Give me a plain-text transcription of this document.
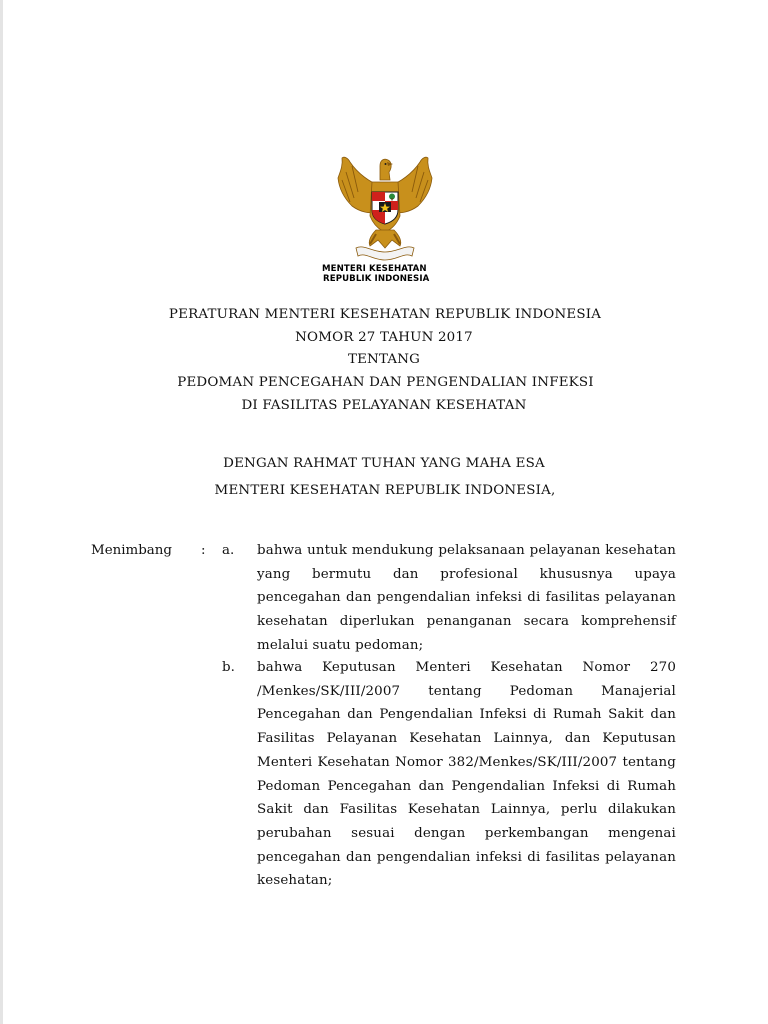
MENTERI KESEHATAN
REPUBLIK INDONESIA
PERATURAN MENTERI KESEHATAN REPUBLIK INDONESIA
NOMOR 27 TAHUN 2017
TENTANG
PEDOMAN PENCEGAHAN DAN PENGENDALIAN INFEKSI
DI FASILITAS PELAYANAN KESEHATAN
DENGAN RAHMAT TUHAN YANG MAHA ESA
MENTERI KESEHATAN REPUBLIK INDONESIA,
Menimbang : a. bahwa untuk mendukung pelaksanaan pelayanan kesehatan yang bermutu dan profesional khususnya upaya pencegahan dan pengendalian infeksi di fasilitas pelayanan kesehatan diperlukan penanganan secara komprehensif melalui suatu pedoman;
b. bahwa Keputusan Menteri Kesehatan Nomor 270 /Menkes/SK/III/2007 tentang Pedoman Manajerial Pencegahan dan Pengendalian Infeksi di Rumah Sakit dan Fasilitas Pelayanan Kesehatan Lainnya, dan Keputusan Menteri Kesehatan Nomor 382/Menkes/SK/III/2007 tentang Pedoman Pencegahan dan Pengendalian Infeksi di Rumah Sakit dan Fasilitas Kesehatan Lainnya, perlu dilakukan perubahan sesuai dengan perkembangan mengenai pencegahan dan pengendalian infeksi di fasilitas pelayanan kesehatan;
